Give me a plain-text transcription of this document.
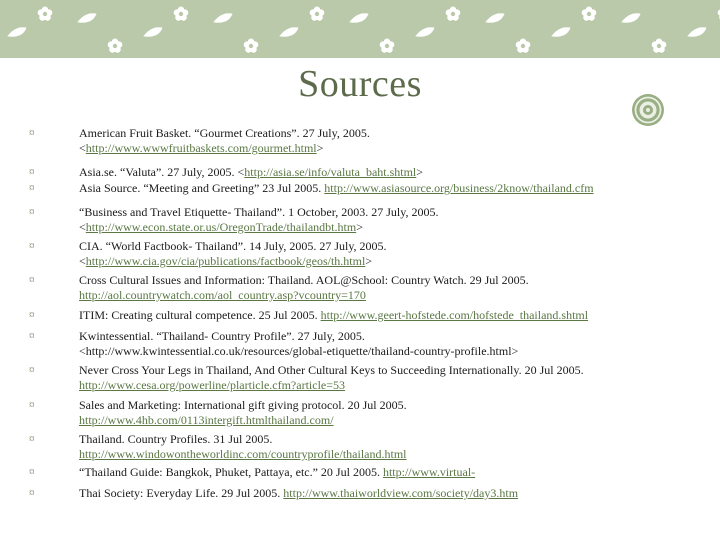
Sources
¤	American Fruit Basket. “Gourmet Creations”. 27 July, 2005.
<http://www.wwwfruitbaskets.com/gourmet.html>
¤	Asia.se. “Valuta”. 27 July, 2005. <http://asia.se/info/valuta_baht.shtml>
¤	Asia Source. “Meeting and Greeting” 23 Jul 2005. http://www.asiasource.org/business/2know/thailand.cfm
¤	“Business and Travel Etiquette- Thailand”. 1 October, 2003. 27 July, 2005.
<http://www.econ.state.or.us/OregonTrade/thailandbt.htm>
¤	CIA. “World Factbook- Thailand”. 14 July, 2005. 27 July, 2005.
<http://www.cia.gov/cia/publications/factbook/geos/th.html>
¤	Cross Cultural Issues and Information: Thailand. AOL@School: Country Watch. 29 Jul 2005.
http://aol.countrywatch.com/aol_country.asp?vcountry=170
¤	ITIM: Creating cultural competence. 25 Jul 2005. http://www.geert-hofstede.com/hofstede_thailand.shtml
¤	Kwintessential. “Thailand- Country Profile”. 27 July, 2005.
<http://www.kwintessential.co.uk/resources/global-etiquette/thailand-country-profile.html>
¤	Never Cross Your Legs in Thailand, And Other Cultural Keys to Succeeding Internationally. 20 Jul 2005.
http://www.cesa.org/powerline/plarticle.cfm?article=53
¤	Sales and Marketing: International gift giving protocol. 20 Jul 2005.
http://www.4hb.com/0113intergift.htmlthailand.com/
¤	Thailand. Country Profiles. 31 Jul 2005.
http://www.windowontheworldinc.com/countryprofile/thailand.html
¤	“Thailand Guide: Bangkok, Phuket, Pattaya, etc.” 20 Jul 2005. http://www.virtual-
¤	Thai Society: Everyday Life. 29 Jul 2005. http://www.thaiworldview.com/society/day3.htm
